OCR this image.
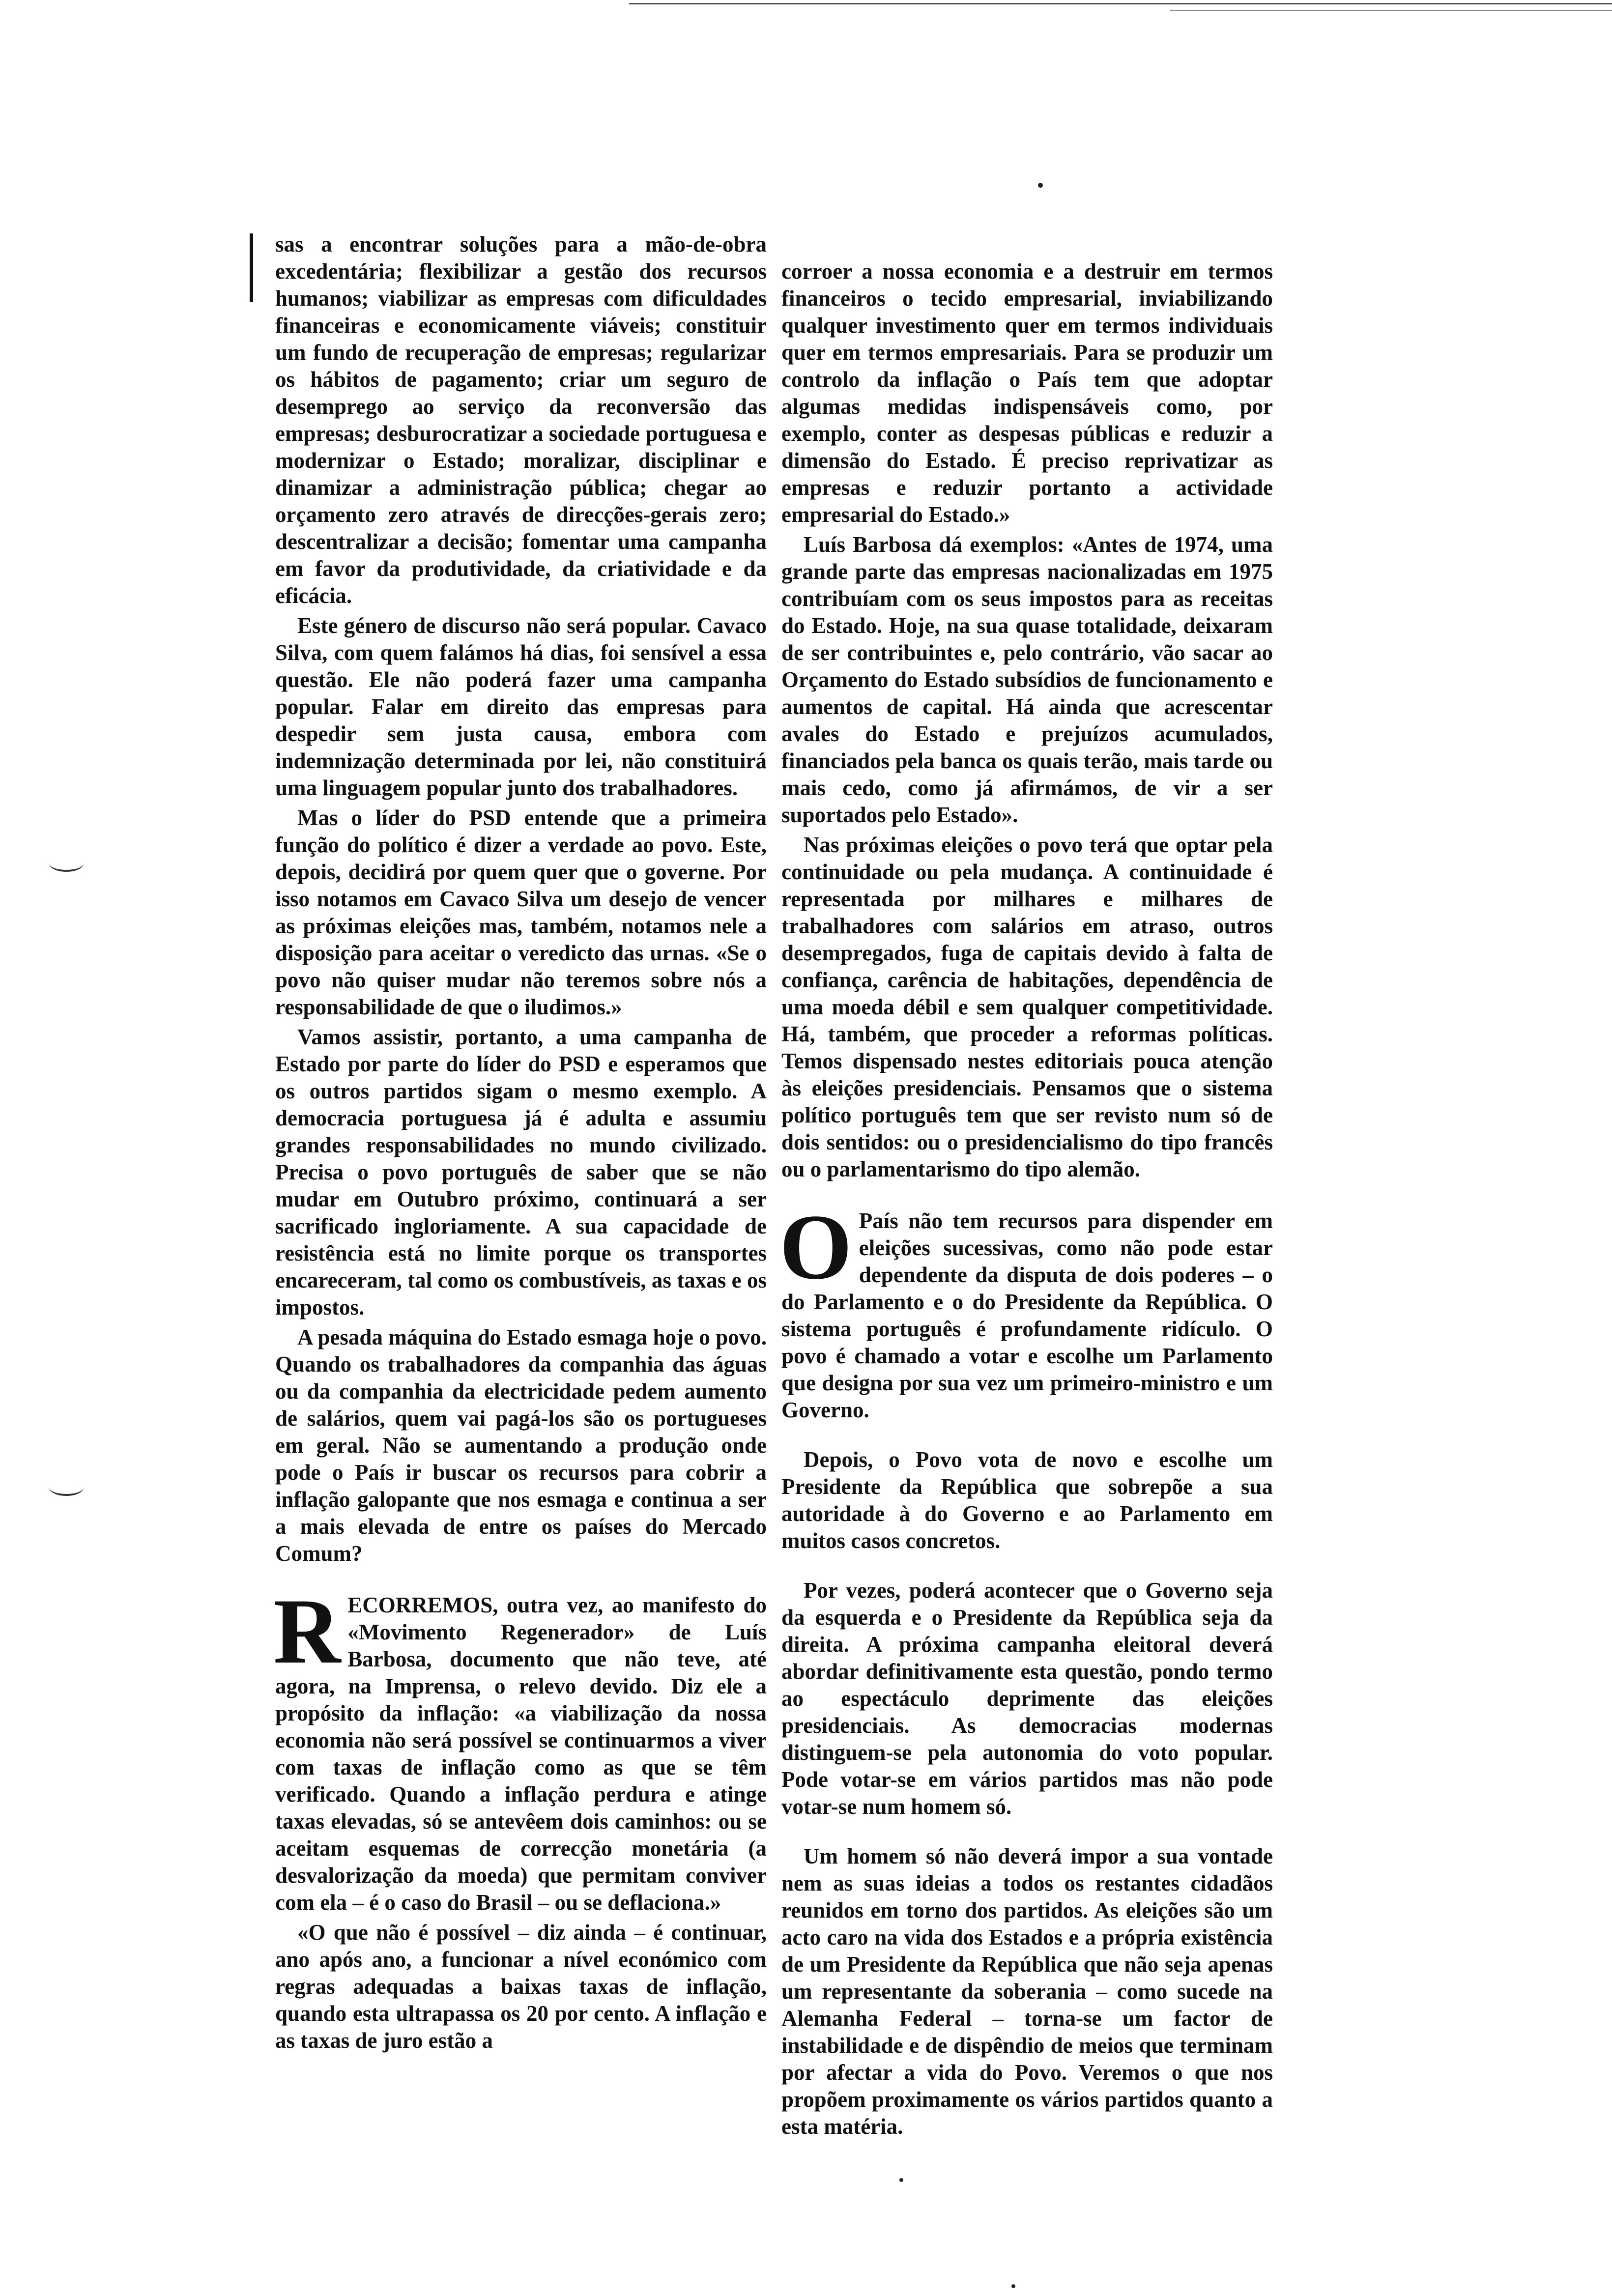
sas a encontrar soluções para a mão-de-obra excedentária; flexibilizar a gestão dos recursos humanos; viabilizar as empresas com dificuldades financeiras e economicamente viáveis; constituir um fundo de recuperação de empresas; regularizar os hábitos de pagamento; criar um seguro de desemprego ao serviço da reconversão das empresas; desburocratizar a sociedade portuguesa e modernizar o Estado; moralizar, disciplinar e dinamizar a administração pública; chegar ao orçamento zero através de direcções-gerais zero; descentralizar a decisão; fomentar uma campanha em favor da produtividade, da criatividade e da eficácia.

Este género de discurso não será popular. Cavaco Silva, com quem falámos há dias, foi sensível a essa questão. Ele não poderá fazer uma campanha popular. Falar em direito das empresas para despedir sem justa causa, embora com indemnização determinada por lei, não constituirá uma linguagem popular junto dos trabalhadores.

Mas o líder do PSD entende que a primeira função do político é dizer a verdade ao povo. Este, depois, decidirá por quem quer que o governe. Por isso notamos em Cavaco Silva um desejo de vencer as próximas eleições mas, também, notamos nele a disposição para aceitar o veredicto das urnas. «Se o povo não quiser mudar não teremos sobre nós a responsabilidade de que o iludimos.»

Vamos assistir, portanto, a uma campanha de Estado por parte do líder do PSD e esperamos que os outros partidos sigam o mesmo exemplo. A democracia portuguesa já é adulta e assumiu grandes responsabilidades no mundo civilizado. Precisa o povo português de saber que se não mudar em Outubro próximo, continuará a ser sacrificado ingloriamente. A sua capacidade de resistência está no limite porque os transportes encareceram, tal como os combustíveis, as taxas e os impostos.

A pesada máquina do Estado esmaga hoje o povo. Quando os trabalhadores da companhia das águas ou da companhia da electricidade pedem aumento de salários, quem vai pagá-los são os portugueses em geral. Não se aumentando a produção onde pode o País ir buscar os recursos para cobrir a inflação galopante que nos esmaga e continua a ser a mais elevada de entre os países do Mercado Comum?

RECORREMOS, outra vez, ao manifesto do «Movimento Regenerador» de Luís Barbosa, documento que não teve, até agora, na Imprensa, o relevo devido. Diz ele a propósito da inflação: «a viabilização da nossa economia não será possível se continuarmos a viver com taxas de inflação como as que se têm verificado. Quando a inflação perdura e atinge taxas elevadas, só se antevêem dois caminhos: ou se aceitam esquemas de correcção monetária (a desvalorização da moeda) que permitam conviver com ela – é o caso do Brasil – ou se deflaciona.»

«O que não é possível – diz ainda – é continuar, ano após ano, a funcionar a nível económico com regras adequadas a baixas taxas de inflação, quando esta ultrapassa os 20 por cento. A inflação e as taxas de juro estão a

corroer a nossa economia e a destruir em termos financeiros o tecido empresarial, inviabilizando qualquer investimento quer em termos individuais quer em termos empresariais. Para se produzir um controlo da inflação o País tem que adoptar algumas medidas indispensáveis como, por exemplo, conter as despesas públicas e reduzir a dimensão do Estado. É preciso reprivatizar as empresas e reduzir portanto a actividade empresarial do Estado.»

Luís Barbosa dá exemplos: «Antes de 1974, uma grande parte das empresas nacionalizadas em 1975 contribuíam com os seus impostos para as receitas do Estado. Hoje, na sua quase totalidade, deixaram de ser contribuintes e, pelo contrário, vão sacar ao Orçamento do Estado subsídios de funcionamento e aumentos de capital. Há ainda que acrescentar avales do Estado e prejuízos acumulados, financiados pela banca os quais terão, mais tarde ou mais cedo, como já afirmámos, de vir a ser suportados pelo Estado».

Nas próximas eleições o povo terá que optar pela continuidade ou pela mudança. A continuidade é representada por milhares e milhares de trabalhadores com salários em atraso, outros desempregados, fuga de capitais devido à falta de confiança, carência de habitações, dependência de uma moeda débil e sem qualquer competitividade. Há, também, que proceder a reformas políticas. Temos dispensado nestes editoriais pouca atenção às eleições presidenciais. Pensamos que o sistema político português tem que ser revisto num só de dois sentidos: ou o presidencialismo do tipo francês ou o parlamentarismo do tipo alemão.

O País não tem recursos para dispender em eleições sucessivas, como não pode estar dependente da disputa de dois poderes – o do Parlamento e o do Presidente da República. O sistema português é profundamente ridículo. O povo é chamado a votar e escolhe um Parlamento que designa por sua vez um primeiro-ministro e um Governo.

Depois, o Povo vota de novo e escolhe um Presidente da República que sobrepõe a sua autoridade à do Governo e ao Parlamento em muitos casos concretos.

Por vezes, poderá acontecer que o Governo seja da esquerda e o Presidente da República seja da direita. A próxima campanha eleitoral deverá abordar definitivamente esta questão, pondo termo ao espectáculo deprimente das eleições presidenciais. As democracias modernas distinguem-se pela autonomia do voto popular. Pode votar-se em vários partidos mas não pode votar-se num homem só.

Um homem só não deverá impor a sua vontade nem as suas ideias a todos os restantes cidadãos reunidos em torno dos partidos. As eleições são um acto caro na vida dos Estados e a própria existência de um Presidente da República que não seja apenas um representante da soberania – como sucede na Alemanha Federal – torna-se um factor de instabilidade e de dispêndio de meios que terminam por afectar a vida do Povo. Veremos o que nos propõem proximamente os vários partidos quanto a esta matéria.
